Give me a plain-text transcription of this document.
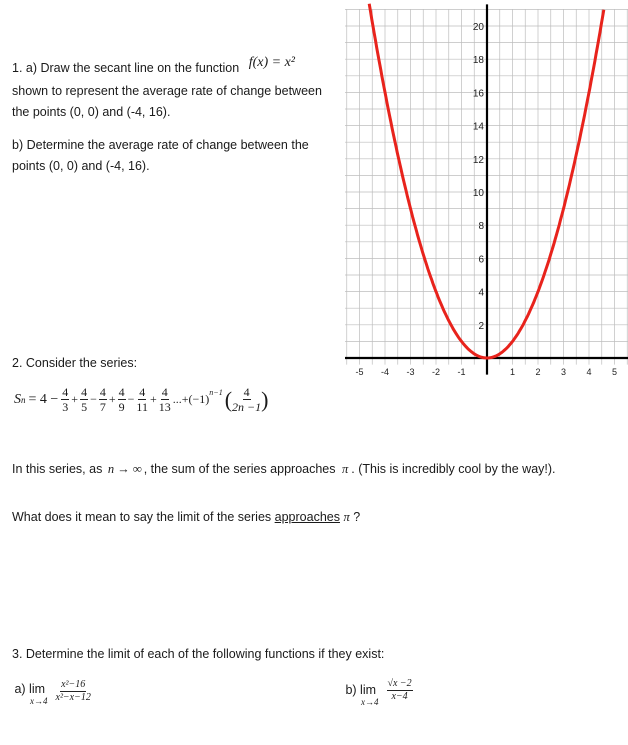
1. a) Draw the secant line on the function f(x) = x²
shown to represent the average rate of change between
the points (0, 0) and (-4, 16).
b) Determine the average rate of change between the
points (0, 0) and (-4, 16).
-5 -4 -3 -2 -1	1 2 3 4 5
2
4
6
8
10
12
14
16
18
20
2. Consider the series:
S $n = 4 - \frac{4}{3} + \frac{4}{5} - \frac{4}{7} + \frac{4}{9} - \frac{4}{11} + \frac{4}{13} ...+(-1)^{n-1}$ ( $\frac{4}{2n -1}$ )
In this series, as n → ∞ , the sum of the series approaches π . (This is incredibly cool by the way!).
What does it mean to say the limit of the series approaches π ?
3. Determine the limit of each of the following functions if they exist:
a) lim
$x\to 4 \frac{\text{x²−16}}{\text{x²−x−12}}$	b) lim
$x\to 4 \frac{√x -2}{x-4}$
